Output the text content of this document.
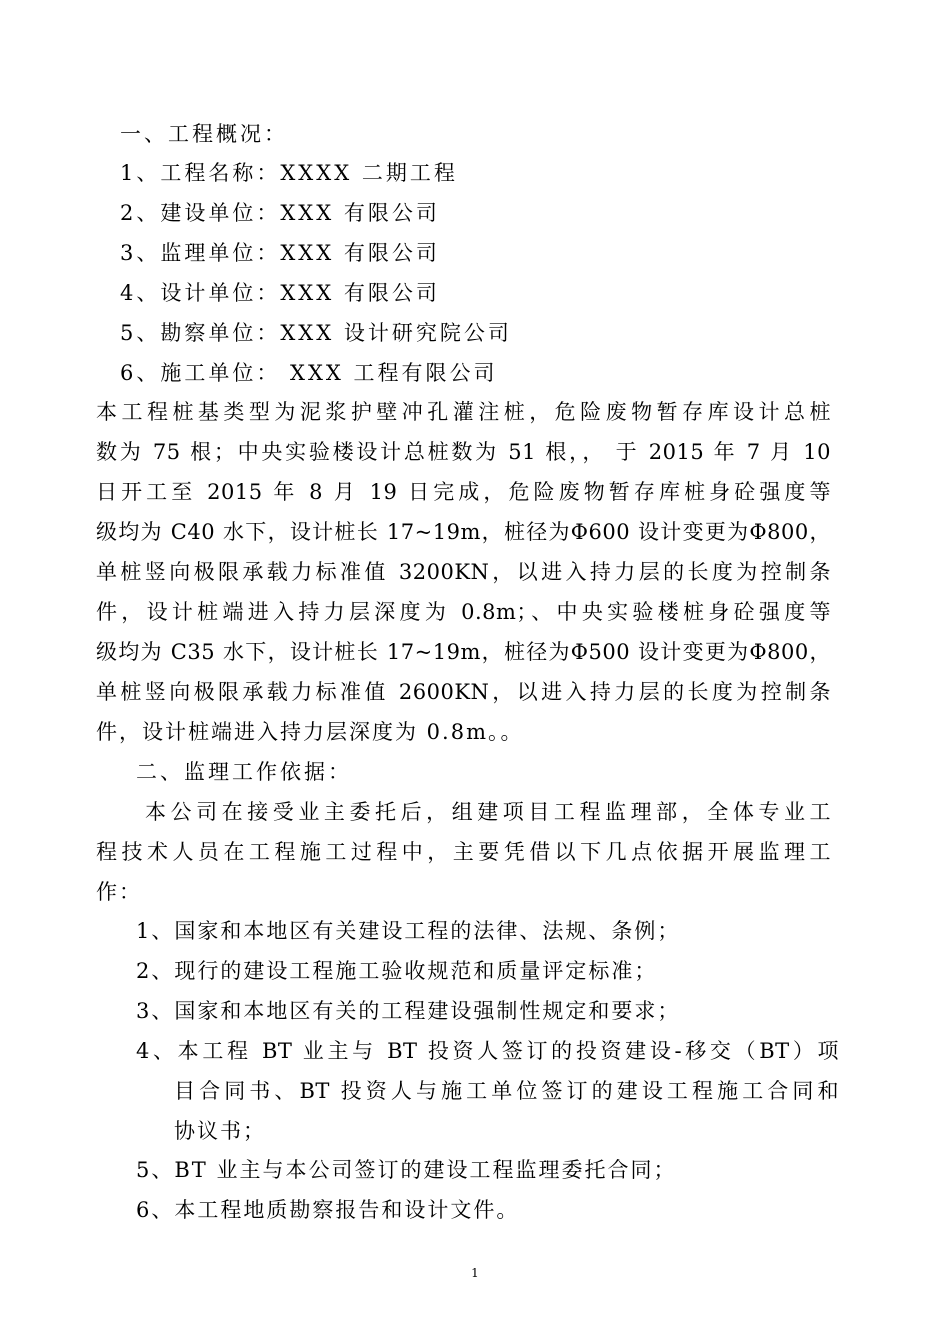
一、工程概况：
1、工程名称：XXXX 二期工程
2、建设单位：XXX 有限公司
3、监理单位：XXX 有限公司
4、设计单位：XXX 有限公司
5、勘察单位：XXX 设计研究院公司
6、施工单位： XXX 工程有限公司
本工程桩基类型为泥浆护壁冲孔灌注桩，危险废物暂存库设计总桩
数为 75 根；中央实验楼设计总桩数为 51 根，， 于 2015 年 7 月 10
日开工至 2015 年 8 月 19 日完成，危险废物暂存库桩身砼强度等
级均为 C40 水下，设计桩长 17~19m，桩径为Φ600 设计变更为Φ800，
单桩竖向极限承载力标准值 3200KN，以进入持力层的长度为控制条
件，设计桩端进入持力层深度为 0.8m；、中央实验楼桩身砼强度等
级均为 C35 水下，设计桩长 17~19m，桩径为Φ500 设计变更为Φ800，
单桩竖向极限承载力标准值 2600KN，以进入持力层的长度为控制条
件，设计桩端进入持力层深度为 0.8m。。
二、监理工作依据：
本公司在接受业主委托后，组建项目工程监理部，全体专业工
程技术人员在工程施工过程中，主要凭借以下几点依据开展监理工
作：
1、国家和本地区有关建设工程的法律、法规、条例；
2、现行的建设工程施工验收规范和质量评定标准；
3、国家和本地区有关的工程建设强制性规定和要求；
4、本工程 BT 业主与 BT 投资人签订的投资建设-移交（BT）项
目合同书、BT 投资人与施工单位签订的建设工程施工合同和
协议书；
5、BT 业主与本公司签订的建设工程监理委托合同；
6、本工程地质勘察报告和设计文件。
1
